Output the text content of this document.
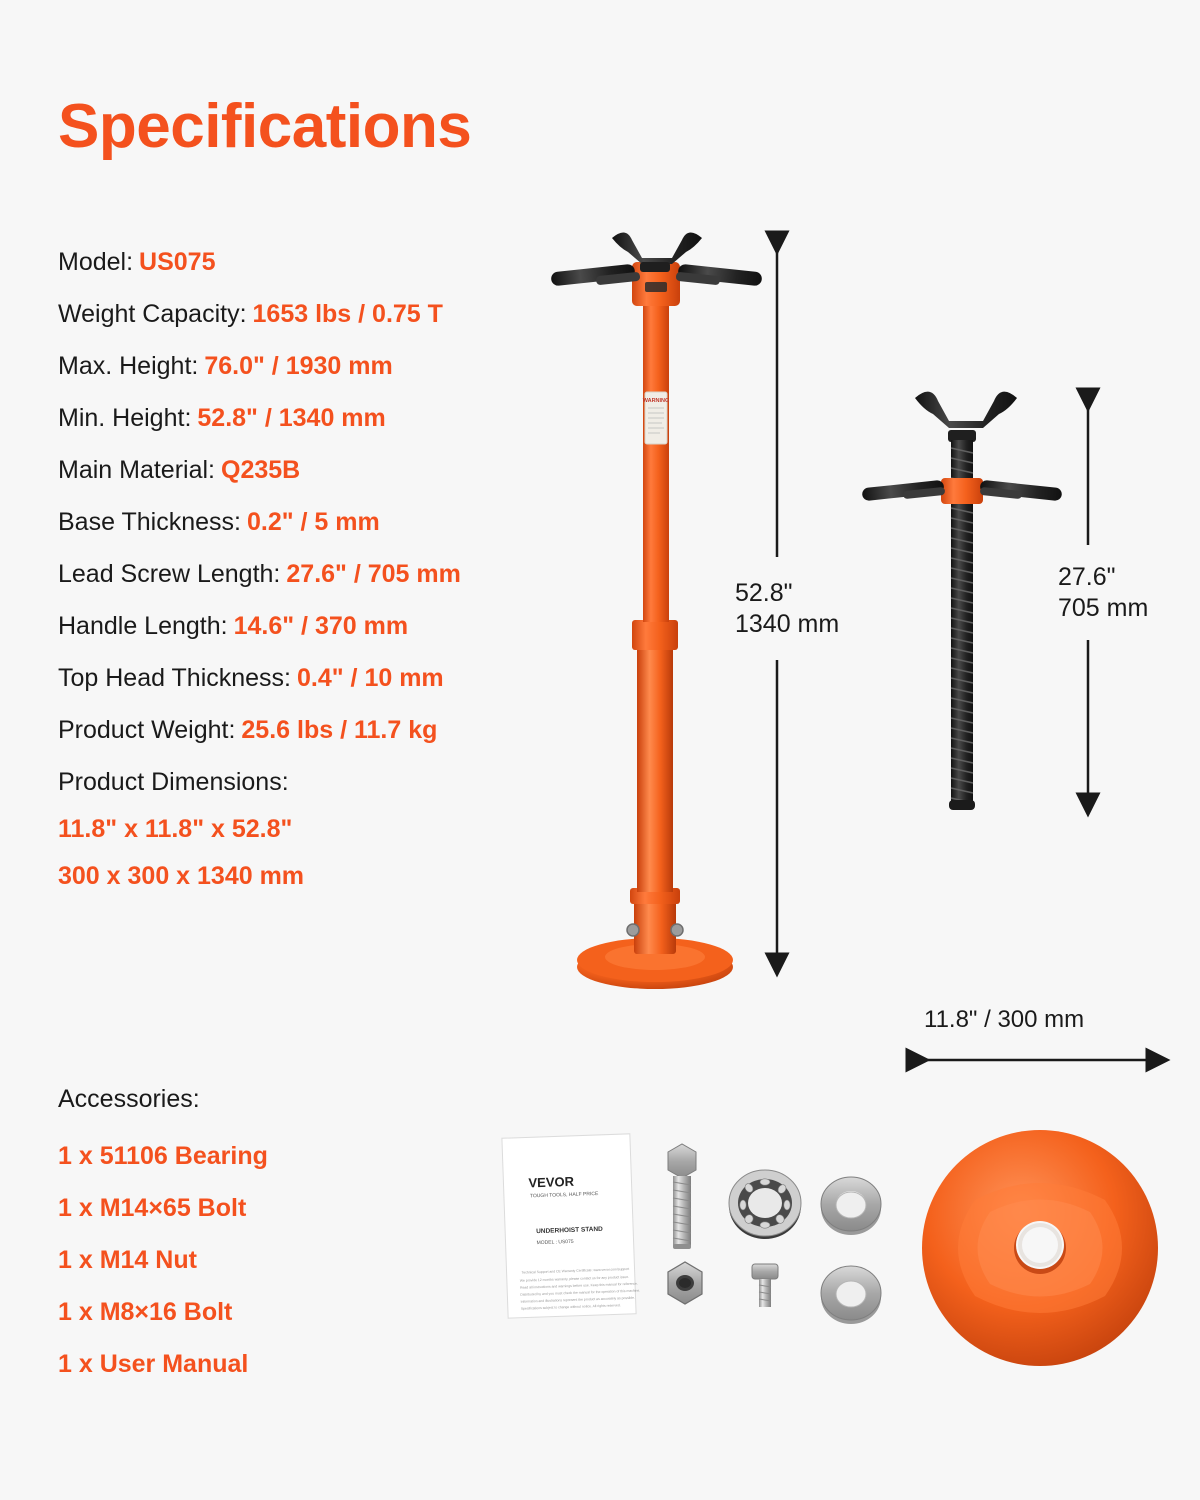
Specifications
Model: US075
Weight Capacity: 1653 lbs / 0.75 T
Max. Height: 76.0" / 1930 mm
Min. Height: 52.8" / 1340 mm
Main Material: Q235B
Base Thickness: 0.2" / 5 mm
Lead Screw Length: 27.6" / 705 mm
Handle Length: 14.6" / 370 mm
Top Head Thickness: 0.4" / 10 mm
Product Weight: 25.6 lbs / 11.7 kg
Product Dimensions:
11.8" x 11.8" x 52.8"
300 x 300 x 1340 mm
Accessories:
1 x 51106 Bearing
1 x M14×65 Bolt
1 x M14 Nut
1 x M8×16 Bolt
1 x User Manual
52.8"
1340 mm
27.6"
705 mm
11.8" / 300 mm
WARNING
VEVOR
TOUGH TOOLS, HALF PRICE
UNDERHOIST STAND
MODEL : US075
Technical Support and CE Warranty Certificate: www.vevor.com/support
We provide 12 months warranty, please contact us for any product issue.
Read all instructions and warnings before use. Keep this manual for reference.
Distributed by and you must check the manual for the operation of this machine.
Information and illustrations represent the product as accurately as possible.
Specifications subject to change without notice. All rights reserved.
